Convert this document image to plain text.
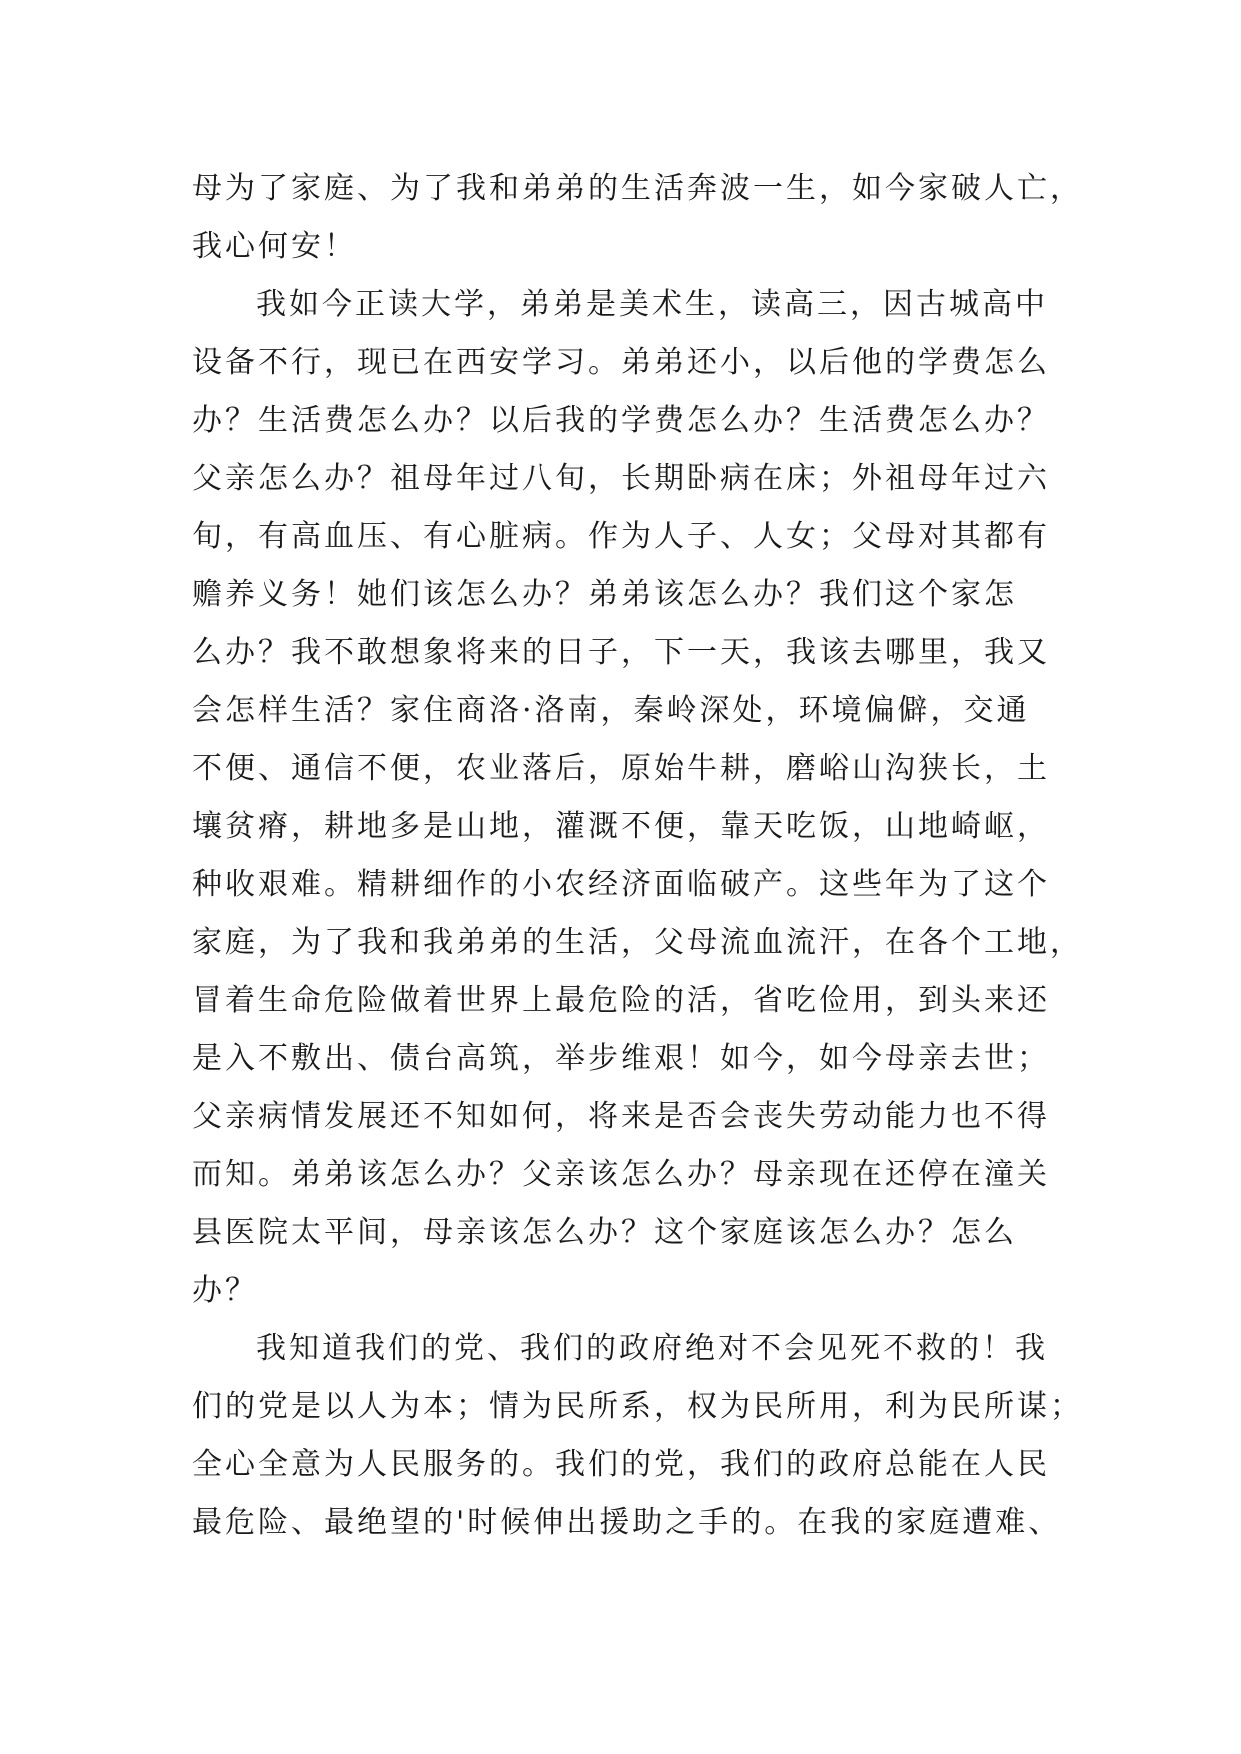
母为了家庭、为了我和弟弟的生活奔波一生，如今家破人亡，
我心何安！
我如今正读大学，弟弟是美术生，读高三，因古城高中
设备不行，现已在西安学习。弟弟还小，以后他的学费怎么
办？生活费怎么办？以后我的学费怎么办？生活费怎么办？
父亲怎么办？祖母年过八旬，长期卧病在床；外祖母年过六
旬，有高血压、有心脏病。作为人子、人女；父母对其都有
赡养义务！她们该怎么办？弟弟该怎么办？我们这个家怎
么办？我不敢想象将来的日子，下一天，我该去哪里，我又
会怎样生活？家住商洛·洛南，秦岭深处，环境偏僻，交通
不便、通信不便，农业落后，原始牛耕，磨峪山沟狭长，土
壤贫瘠，耕地多是山地，灌溉不便，靠天吃饭，山地崎岖，
种收艰难。精耕细作的小农经济面临破产。这些年为了这个
家庭，为了我和我弟弟的生活，父母流血流汗，在各个工地，
冒着生命危险做着世界上最危险的活，省吃俭用，到头来还
是入不敷出、债台高筑，举步维艰！如今，如今母亲去世；
父亲病情发展还不知如何，将来是否会丧失劳动能力也不得
而知。弟弟该怎么办？父亲该怎么办？母亲现在还停在潼关
县医院太平间，母亲该怎么办？这个家庭该怎么办？怎么
办？
我知道我们的党、我们的政府绝对不会见死不救的！我
们的党是以人为本；情为民所系，权为民所用，利为民所谋；
全心全意为人民服务的。我们的党，我们的政府总能在人民
最危险、最绝望的'时候伸出援助之手的。在我的家庭遭难、
